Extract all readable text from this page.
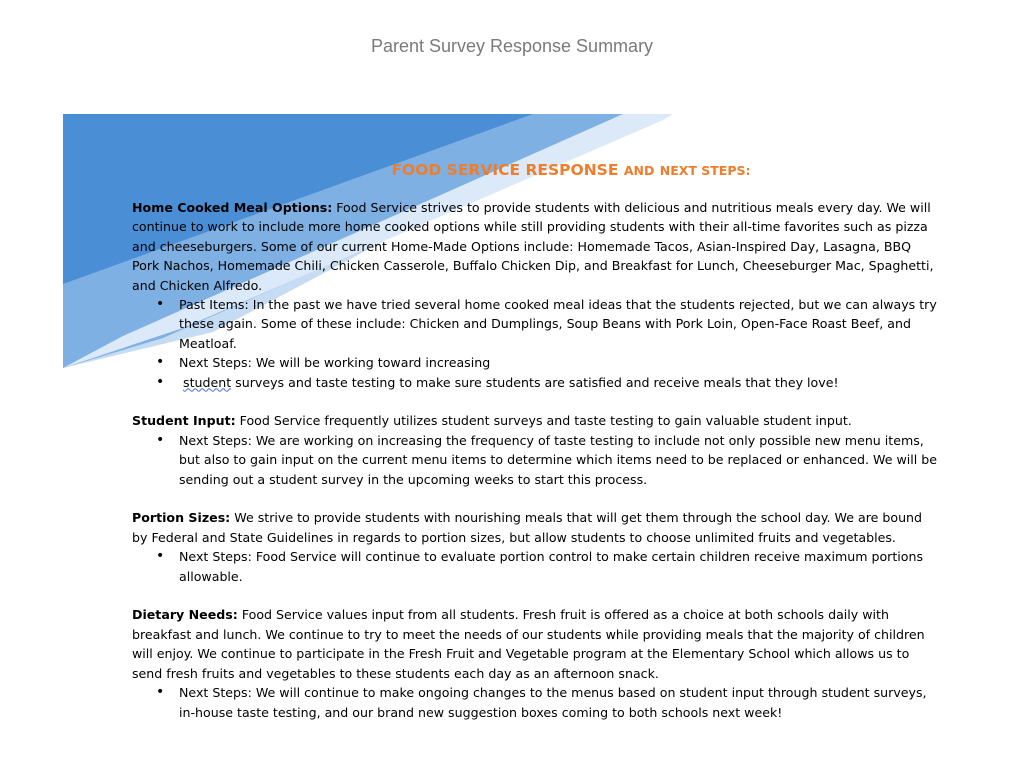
Parent Survey Response Summary
FOOD SERVICE RESPONSE AND NEXT STEPS:

Home Cooked Meal Options: Food Service strives to provide students with delicious and nutritious meals every day. We will continue to work to include more home cooked options while still providing students with their all-time favorites such as pizza and cheeseburgers. Some of our current Home-Made Options include: Homemade Tacos, Asian-Inspired Day, Lasagna, BBQ Pork Nachos, Homemade Chili, Chicken Casserole, Buffalo Chicken Dip, and Breakfast for Lunch, Cheeseburger Mac, Spaghetti, and Chicken Alfredo.

• Past Items: In the past we have tried several home cooked meal ideas that the students rejected, but we can always try these again. Some of these include: Chicken and Dumplings, Soup Beans with Pork Loin, Open-Face Roast Beef, and Meatloaf.
• Next Steps: We will be working toward increasing
• student surveys and taste testing to make sure students are satisfied and receive meals that they love!

Student Input: Food Service frequently utilizes student surveys and taste testing to gain valuable student input.

• Next Steps: We are working on increasing the frequency of taste testing to include not only possible new menu items, but also to gain input on the current menu items to determine which items need to be replaced or enhanced. We will be sending out a student survey in the upcoming weeks to start this process.

Portion Sizes: We strive to provide students with nourishing meals that will get them through the school day. We are bound by Federal and State Guidelines in regards to portion sizes, but allow students to choose unlimited fruits and vegetables.

• Next Steps: Food Service will continue to evaluate portion control to make certain children receive maximum portions allowable.

Dietary Needs: Food Service values input from all students. Fresh fruit is offered as a choice at both schools daily with breakfast and lunch. We continue to try to meet the needs of our students while providing meals that the majority of children will enjoy. We continue to participate in the Fresh Fruit and Vegetable program at the Elementary School which allows us to send fresh fruits and vegetables to these students each day as an afternoon snack.

• Next Steps: We will continue to make ongoing changes to the menus based on student input through student surveys, in-house taste testing, and our brand new suggestion boxes coming to both schools next week!
